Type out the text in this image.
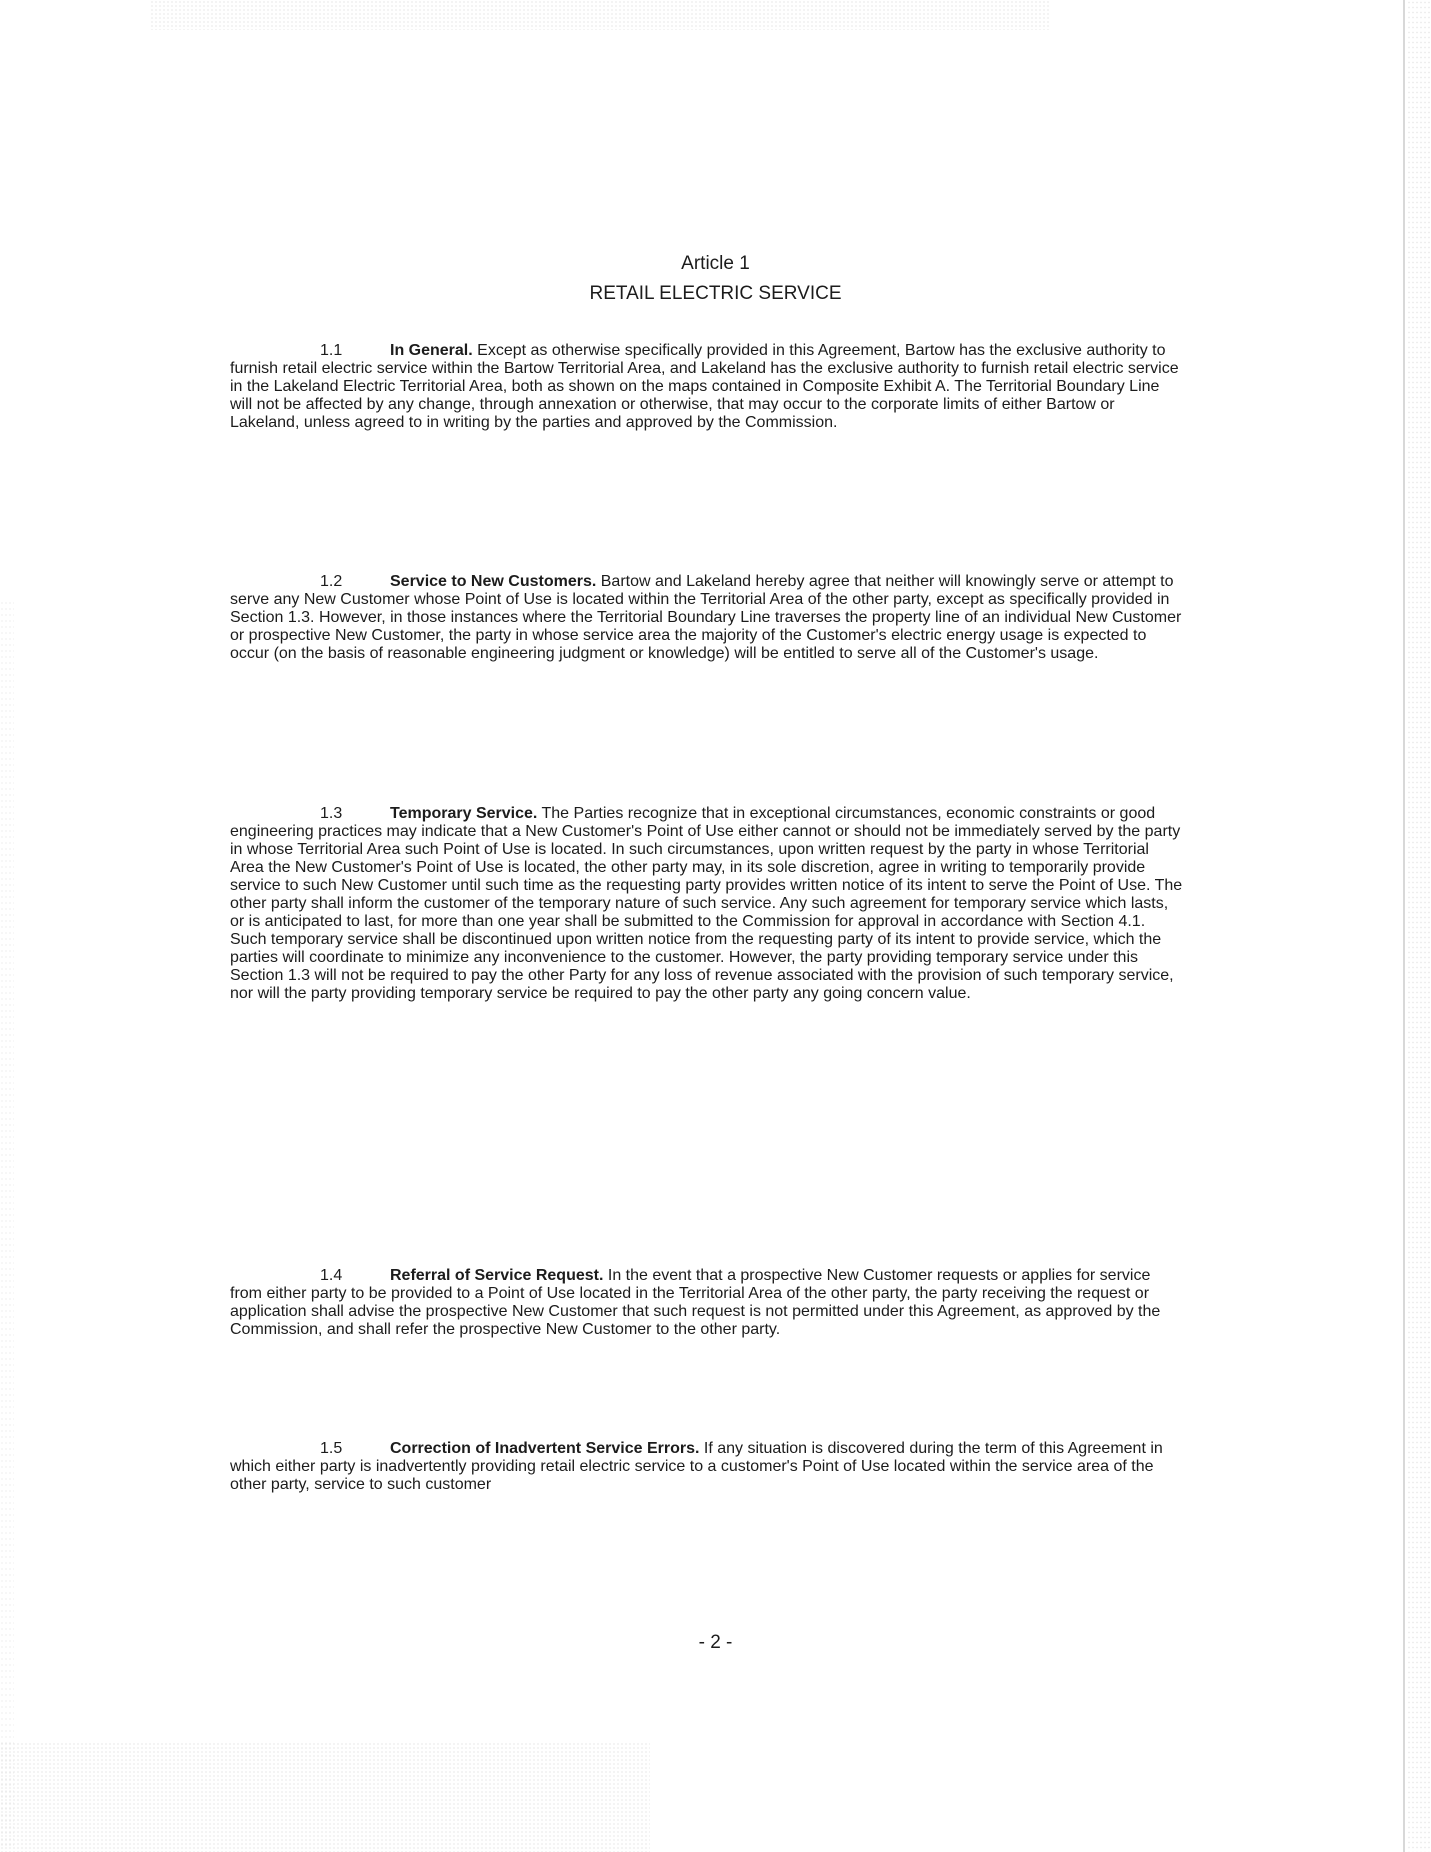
Article 1
RETAIL ELECTRIC SERVICE

1.1	In General. Except as otherwise specifically provided in this Agreement, Bartow has the exclusive authority to furnish retail electric service within the Bartow Territorial Area, and Lakeland has the exclusive authority to furnish retail electric service in the Lakeland Electric Territorial Area, both as shown on the maps contained in Composite Exhibit A. The Territorial Boundary Line will not be affected by any change, through annexation or otherwise, that may occur to the corporate limits of either Bartow or Lakeland, unless agreed to in writing by the parties and approved by the Commission.

1.2	Service to New Customers. Bartow and Lakeland hereby agree that neither will knowingly serve or attempt to serve any New Customer whose Point of Use is located within the Territorial Area of the other party, except as specifically provided in Section 1.3. However, in those instances where the Territorial Boundary Line traverses the property line of an individual New Customer or prospective New Customer, the party in whose service area the majority of the Customer's electric energy usage is expected to occur (on the basis of reasonable engineering judgment or knowledge) will be entitled to serve all of the Customer's usage.

1.3	Temporary Service. The Parties recognize that in exceptional circumstances, economic constraints or good engineering practices may indicate that a New Customer's Point of Use either cannot or should not be immediately served by the party in whose Territorial Area such Point of Use is located. In such circumstances, upon written request by the party in whose Territorial Area the New Customer's Point of Use is located, the other party may, in its sole discretion, agree in writing to temporarily provide service to such New Customer until such time as the requesting party provides written notice of its intent to serve the Point of Use. The other party shall inform the customer of the temporary nature of such service. Any such agreement for temporary service which lasts, or is anticipated to last, for more than one year shall be submitted to the Commission for approval in accordance with Section 4.1. Such temporary service shall be discontinued upon written notice from the requesting party of its intent to provide service, which the parties will coordinate to minimize any inconvenience to the customer. However, the party providing temporary service under this Section 1.3 will not be required to pay the other Party for any loss of revenue associated with the provision of such temporary service, nor will the party providing temporary service be required to pay the other party any going concern value.

1.4	Referral of Service Request. In the event that a prospective New Customer requests or applies for service from either party to be provided to a Point of Use located in the Territorial Area of the other party, the party receiving the request or application shall advise the prospective New Customer that such request is not permitted under this Agreement, as approved by the Commission, and shall refer the prospective New Customer to the other party.

1.5	Correction of Inadvertent Service Errors. If any situation is discovered during the term of this Agreement in which either party is inadvertently providing retail electric service to a customer's Point of Use located within the service area of the other party, service to such customer

- 2 -
